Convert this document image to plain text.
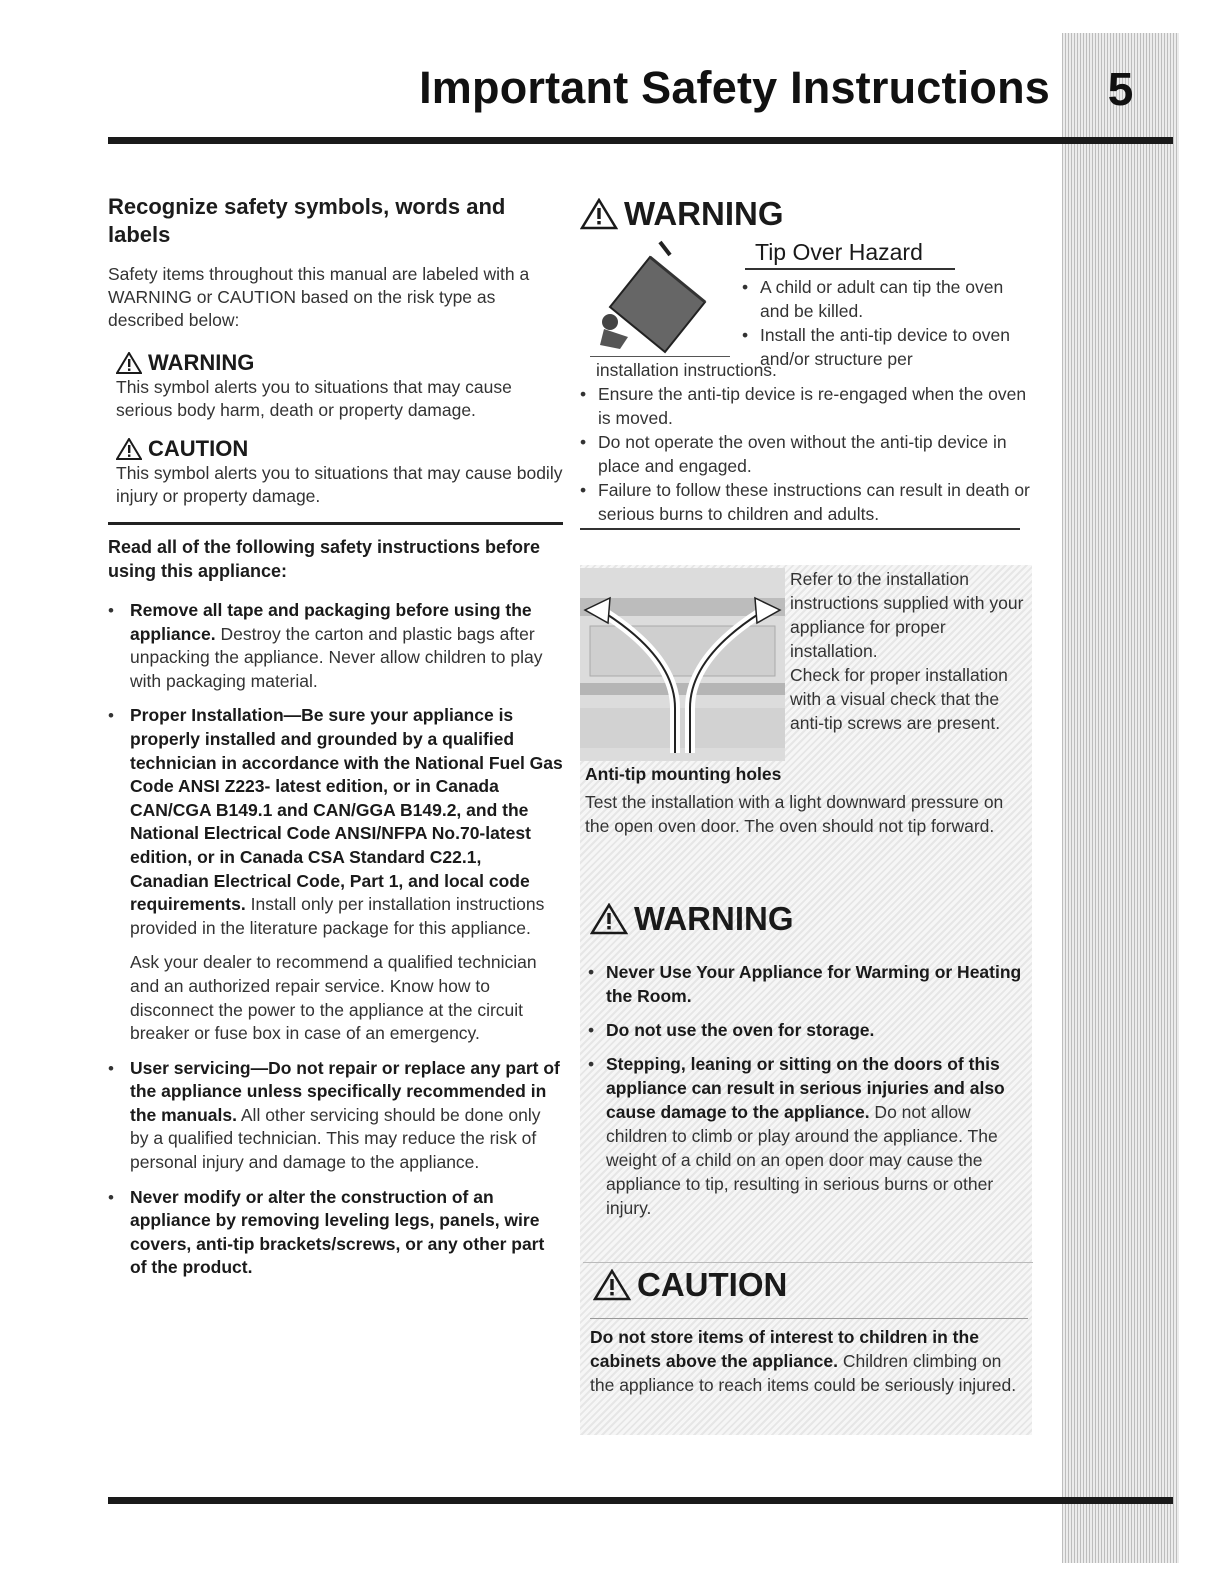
Important Safety Instructions	5
Recognize safety symbols, words and labels
Safety items throughout this manual are labeled with a WARNING or CAUTION based on the risk type as described below:
WARNING
This symbol alerts you to situations that may cause serious body harm, death or property damage.
CAUTION
This symbol alerts you to situations that may cause bodily injury or property damage.
Read all of the following safety instructions before using this appliance:
• Remove all tape and packaging before using the appliance. Destroy the carton and plastic bags after unpacking the appliance. Never allow children to play with packaging material.
• Proper Installation—Be sure your appliance is properly installed and grounded by a qualified technician in accordance with the National Fuel Gas Code ANSI Z223- latest edition, or in Canada CAN/CGA B149.1 and CAN/GGA B149.2, and the National Electrical Code ANSI/NFPA No.70-latest edition, or in Canada CSA Standard C22.1, Canadian Electrical Code, Part 1, and local code requirements. Install only per installation instructions provided in the literature package for this appliance.
Ask your dealer to recommend a qualified technician and an authorized repair service. Know how to disconnect the power to the appliance at the circuit breaker or fuse box in case of an emergency.
• User servicing—Do not repair or replace any part of the appliance unless specifically recommended in the manuals. All other servicing should be done only by a qualified technician. This may reduce the risk of personal injury and damage to the appliance.
• Never modify or alter the construction of an appliance by removing leveling legs, panels, wire covers, anti-tip brackets/screws, or any other part of the product.
WARNING
Tip Over Hazard
• A child or adult can tip the oven and be killed.
• Install the anti-tip device to oven and/or structure per
installation instructions.
• Ensure the anti-tip device is re-engaged when the oven is moved.
• Do not operate the oven without the anti-tip device in place and engaged.
• Failure to follow these instructions can result in death or serious burns to children and adults.
Refer to the installation instructions supplied with your appliance for proper installation.
Check for proper installation with a visual check that the anti-tip screws are present.
Anti-tip mounting holes
Test the installation with a light downward pressure on the open oven door. The oven should not tip forward.
WARNING
• Never Use Your Appliance for Warming or Heating the Room.
• Do not use the oven for storage.
• Stepping, leaning or sitting on the doors of this appliance can result in serious injuries and also cause damage to the appliance. Do not allow children to climb or play around the appliance. The weight of a child on an open door may cause the appliance to tip, resulting in serious burns or other injury.
CAUTION
Do not store items of interest to children in the cabinets above the appliance. Children climbing on the appliance to reach items could be seriously injured.
